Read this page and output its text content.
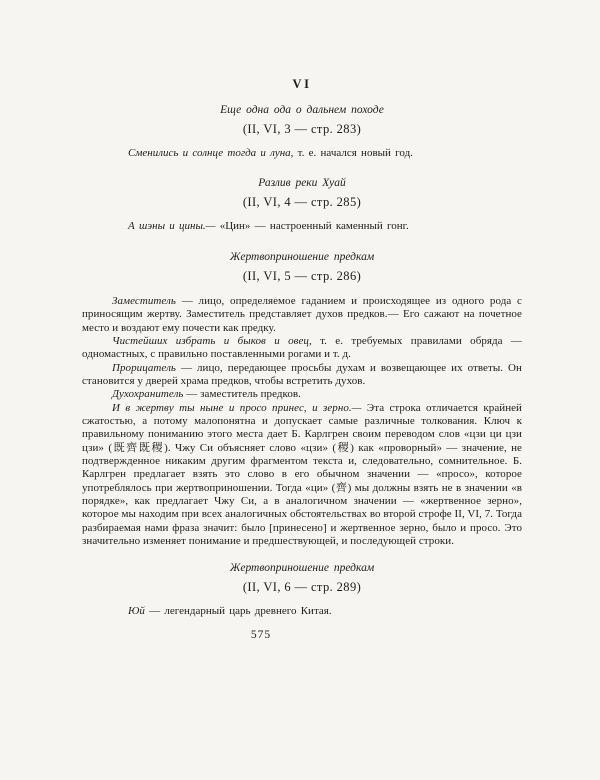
VI
Еще одна ода о дальнем походе
(II, VI, 3 — стр. 283)
Сменились и солнце тогда и луна, т. е. начался новый год.
Разлив реки Хуай
(II, VI, 4 — стр. 285)
А шэны и цины.— «Цин» — настроенный каменный гонг.
Жертвоприношение предкам
(II, VI, 5 — стр. 286)

Заместитель — лицо, определяемое гаданием и происходящее из одного рода с приносящим жертву. Заместитель представляет духов предков.— Его сажают на почетное место и воздают ему почести как предку.

Чистейших избрать и быков и овец, т. е. требуемых правилами обряда — одномастных, с правильно поставленными рогами и т. д.

Прорицатель — лицо, передающее просьбы духам и возвещающее их ответы. Он становится у дверей храма предков, чтобы встретить духов.

Духохранитель — заместитель предков.

И в жертву ты ныне и просо принес, и зерно.— Эта строка отличается крайней сжатостью, а потому малопонятна и допускает самые различные толкования. Ключ к правильному пониманию этого места дает Б. Карлгрен своим переводом слов «цзи ци цзи цзи» (既齊既稷). Чжу Си объясняет слово «цзи» (稷) как «проворный» — значение, не подтвержденное никаким другим фрагментом текста и, следовательно, сомнительное. Б. Карлгрен предлагает взять это слово в его обычном значении — «просо», которое употреблялось при жертвоприношении. Тогда «ци» (齊) мы должны взять не в значении «в порядке», как предлагает Чжу Си, а в аналогичном значении — «жертвенное зерно», которое мы находим при всех аналогичных обстоятельствах во второй строфе II, VI, 7. Тогда разбираемая нами фраза значит: было [принесено] и жертвенное зерно, было и просо. Это значительно изменяет понимание и предшествующей, и последующей строки.

Жертвоприношение предкам
(II, VI, 6 — стр. 289)
Юй — легендарный царь древнего Китая.
575
